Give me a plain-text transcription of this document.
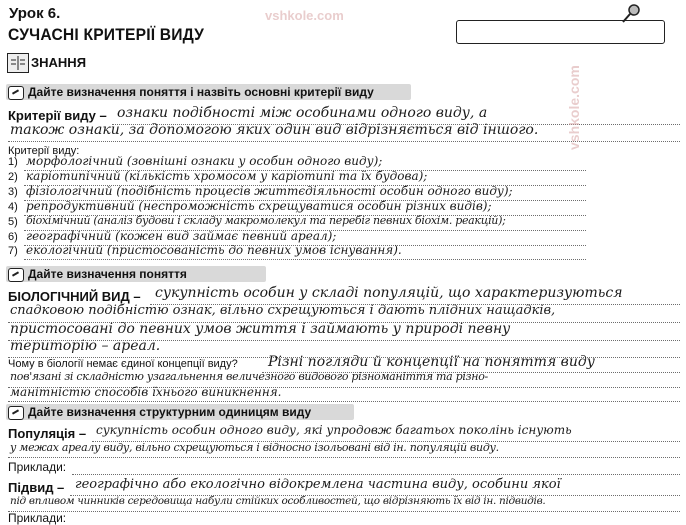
Урок 6.
СУЧАСНІ КРИТЕРІЇ ВИДУ
vshkole.com
ЗНАННЯ
Дайте визначення поняття і назвіть основні критерії виду
Критерії виду – ознаки подібності між особинами одного виду, а
також ознаки, за допомогою яких один вид відрізняється від іншого.
Критерії виду:
vshkole.com
1) морфологічний (зовнішні ознаки у особин одного виду);
2) каріотипічний (кількість хромосом у каріотипі та їх будова);
3) фізіологічний (подібність процесів життєдіяльності особин одного виду);
4) репродуктивний (неспроможність схрещуватися особин різних видів);
5) біохімічний (аналіз будови і складу макромолекул та перебіг певних біохім. реакцій);
6) географічний (кожен вид займає певний ареал);
7) екологічний (пристосованість до певних умов існування).
Дайте визначення поняття
БІОЛОГІЧНИЙ ВИД – сукупність особин у складі популяцій, що характеризуються
спадковою подібністю ознак, вільно схрещуються і дають плідних нащадків,
пристосовані до певних умов життя і займають у природі певну
територію – ареал.
Чому в біології немає єдиної концепції виду? Різні погляди й концепції на поняття виду
пов'язані зі складністю узагальнення величезного видового різноманіття та різно-
манітністю способів їхнього виникнення.
Дайте визначення структурним одиницям виду
Популяція – сукупність особин одного виду, які упродовж багатьох поколінь існують
у межах ареалу виду, вільно схрещуються і відносно ізольовані від ін. популяцій виду.
Приклади:
Підвид – географічно або екологічно відокремлена частина виду, особини якої
під впливом чинників середовища набули стійких особливостей, що відрізняють їх від ін. підвидів.
Приклади:
